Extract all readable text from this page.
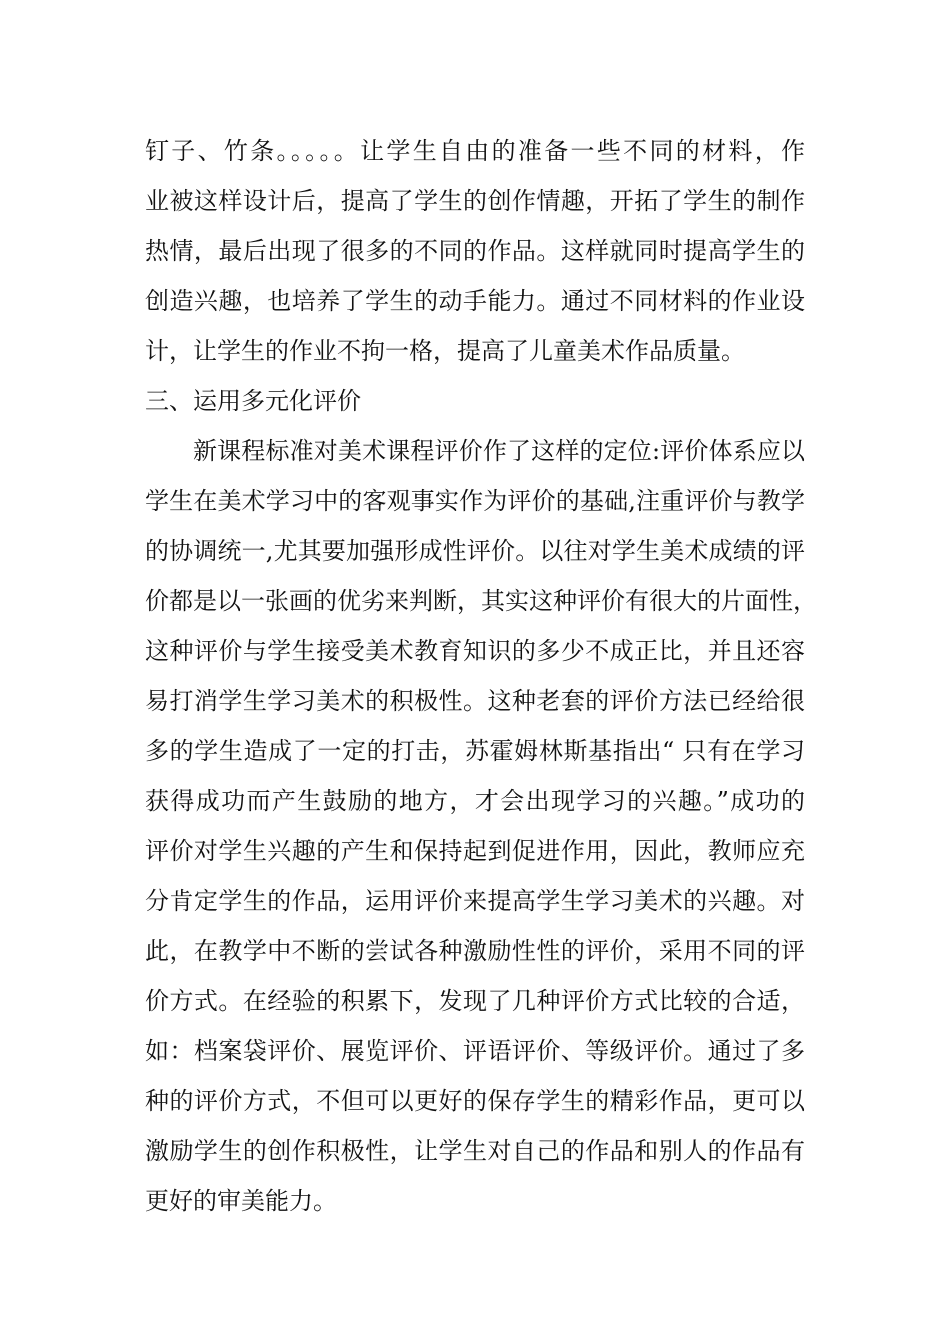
钉子、竹条。。。。。让学生自由的准备一些不同的材料，作
业被这样设计后，提高了学生的创作情趣，开拓了学生的制作
热情，最后出现了很多的不同的作品。这样就同时提高学生的
创造兴趣，也培养了学生的动手能力。通过不同材料的作业设
计，让学生的作业不拘一格，提高了儿童美术作品质量。
三、运用多元化评价
新课程标准对美术课程评价作了这样的定位:评价体系应以
学生在美术学习中的客观事实作为评价的基础,注重评价与教学
的协调统一,尤其要加强形成性评价。以往对学生美术成绩的评
价都是以一张画的优劣来判断，其实这种评价有很大的片面性，
这种评价与学生接受美术教育知识的多少不成正比，并且还容
易打消学生学习美术的积极性。这种老套的评价方法已经给很
多的学生造成了一定的打击，苏霍姆林斯基指出“ 只有在学习
获得成功而产生鼓励的地方，才会出现学习的兴趣。”成功的
评价对学生兴趣的产生和保持起到促进作用，因此，教师应充
分肯定学生的作品，运用评价来提高学生学习美术的兴趣。对
此，在教学中不断的尝试各种激励性性的评价，采用不同的评
价方式。在经验的积累下，发现了几种评价方式比较的合适，
如：档案袋评价、展览评价、评语评价、等级评价。通过了多
种的评价方式，不但可以更好的保存学生的精彩作品，更可以
激励学生的创作积极性，让学生对自己的作品和别人的作品有
更好的审美能力。
